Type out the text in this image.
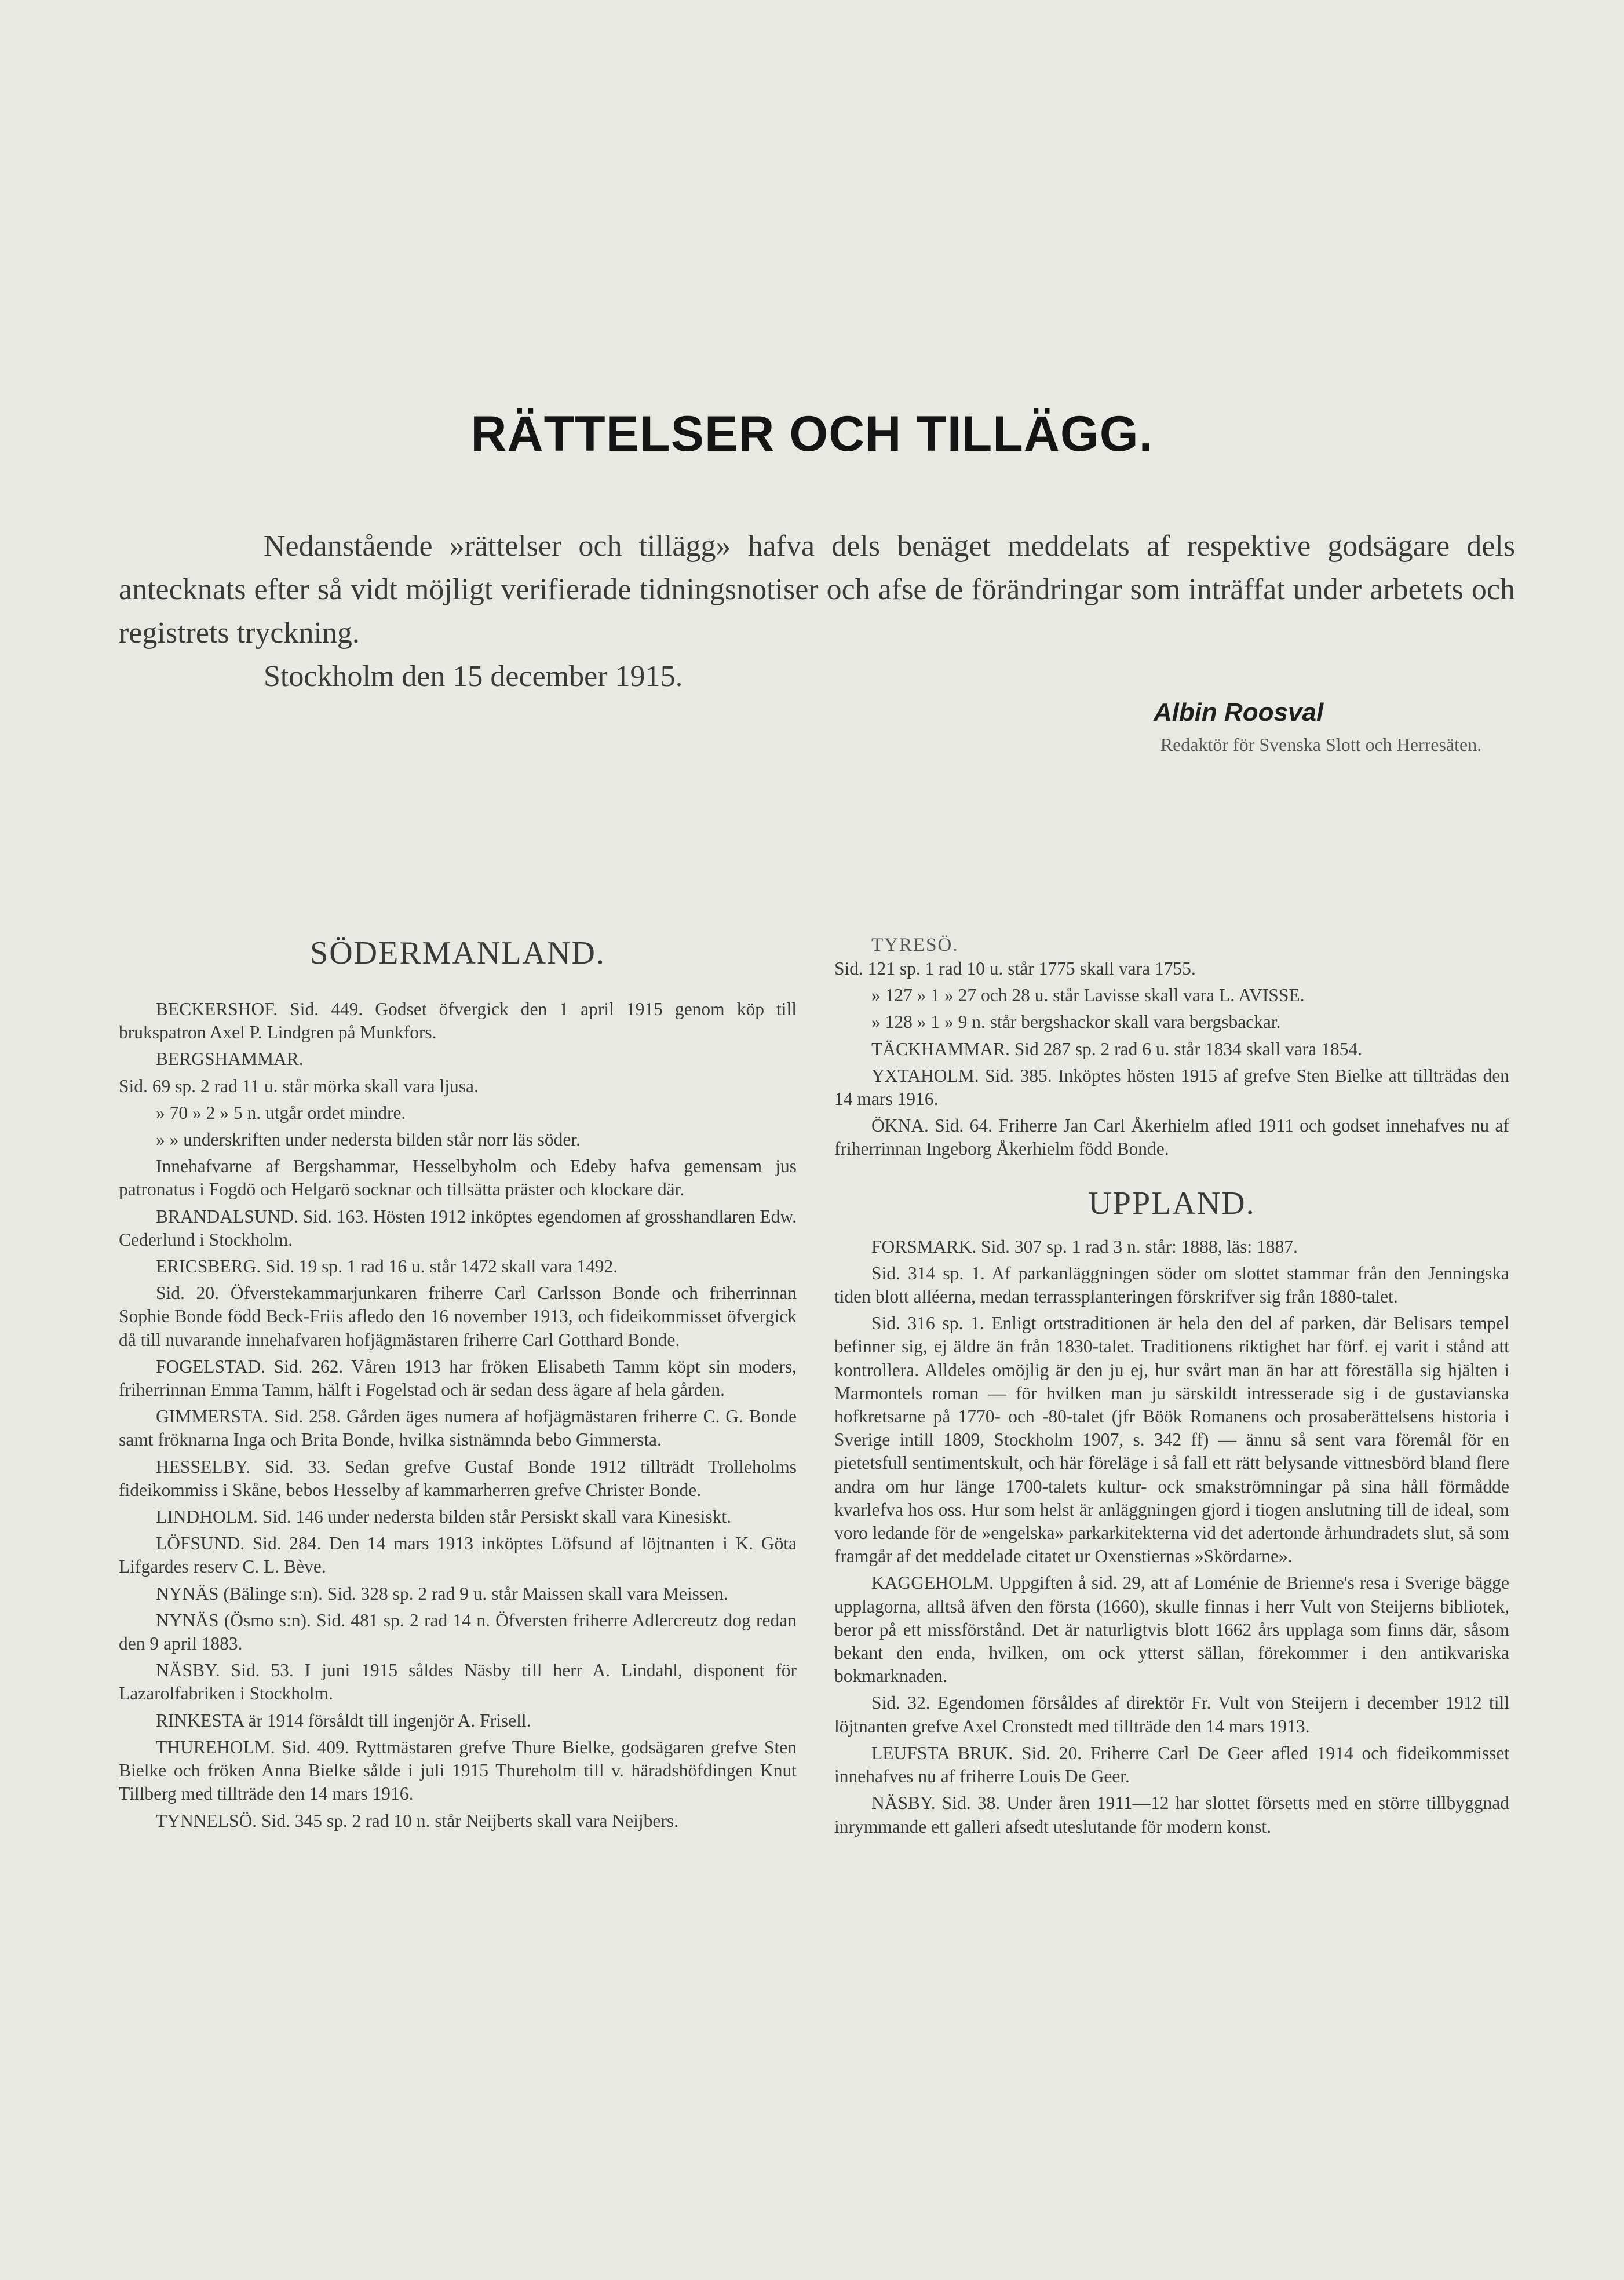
RÄTTELSER OCH TILLÄGG.

Nedanstående »rättelser och tillägg» hafva dels benäget meddelats af respektive godsägare dels antecknats efter så vidt möjligt verifierade tidningsnotiser och afse de förändringar som inträffat under arbetets och registrets tryckning.

Stockholm den 15 december 1915.

Albin Roosval
Redaktör för Svenska Slott och Herresäten.
SÖDERMANLAND.

BECKERSHOF. Sid. 449. Godset öfvergick den 1 april 1915 genom köp till brukspatron Axel P. Lindgren på Munkfors.

BERGSHAMMAR.

Sid. 69 sp. 2 rad 11 u. står mörka skall vara ljusa.

» 70 » 2 » 5 n. utgår ordet mindre.

» » underskriften under nedersta bilden står norr läs söder.

Innehafvarne af Bergshammar, Hesselbyholm och Edeby hafva gemensam jus patronatus i Fogdö och Helgarö socknar och tillsätta präster och klockare där.

BRANDALSUND. Sid. 163. Hösten 1912 inköptes egendomen af grosshandlaren Edw. Cederlund i Stockholm.

ERICSBERG. Sid. 19 sp. 1 rad 16 u. står 1472 skall vara 1492.

Sid. 20. Öfverstekammarjunkaren friherre Carl Carlsson Bonde och friherrinnan Sophie Bonde född Beck-Friis afledo den 16 november 1913, och fideikommisset öfvergick då till nuvarande innehafvaren hofjägmästaren friherre Carl Gotthard Bonde.

FOGELSTAD. Sid. 262. Våren 1913 har fröken Elisabeth Tamm köpt sin moders, friherrinnan Emma Tamm, hälft i Fogelstad och är sedan dess ägare af hela gården.

GIMMERSTA. Sid. 258. Gården äges numera af hofjägmästaren friherre C. G. Bonde samt fröknarna Inga och Brita Bonde, hvilka sistnämnda bebo Gimmersta.

HESSELBY. Sid. 33. Sedan grefve Gustaf Bonde 1912 tillträdt Trolleholms fideikommiss i Skåne, bebos Hesselby af kammarherren grefve Christer Bonde.

LINDHOLM. Sid. 146 under nedersta bilden står Persiskt skall vara Kinesiskt.

LÖFSUND. Sid. 284. Den 14 mars 1913 inköptes Löfsund af löjtnanten i K. Göta Lifgardes reserv C. L. Bève.

NYNÄS (Bälinge s:n). Sid. 328 sp. 2 rad 9 u. står Maissen skall vara Meissen.

NYNÄS (Ösmo s:n). Sid. 481 sp. 2 rad 14 n. Öfversten friherre Adlercreutz dog redan den 9 april 1883.

NÄSBY. Sid. 53. I juni 1915 såldes Näsby till herr A. Lindahl, disponent för Lazarolfabriken i Stockholm.

RINKESTA är 1914 försåldt till ingenjör A. Frisell.

THUREHOLM. Sid. 409. Ryttmästaren grefve Thure Bielke, godsägaren grefve Sten Bielke och fröken Anna Bielke sålde i juli 1915 Thureholm till v. häradshöfdingen Knut Tillberg med tillträde den 14 mars 1916.

TYNNELSÖ. Sid. 345 sp. 2 rad 10 n. står Neijberts skall vara Neijbers.

TYRESÖ.

Sid. 121 sp. 1 rad 10 u. står 1775 skall vara 1755.

» 127 » 1 » 27 och 28 u. står Lavisse skall vara L. AVISSE.

» 128 » 1 » 9 n. står bergshackor skall vara bergsbackar.

TÄCKHAMMAR. Sid 287 sp. 2 rad 6 u. står 1834 skall vara 1854.

YXTAHOLM. Sid. 385. Inköptes hösten 1915 af grefve Sten Bielke att tillträdas den 14 mars 1916.

ÖKNA. Sid. 64. Friherre Jan Carl Åkerhielm afled 1911 och godset innehafves nu af friherrinnan Ingeborg Åkerhielm född Bonde.

UPPLAND.

FORSMARK. Sid. 307 sp. 1 rad 3 n. står: 1888, läs: 1887.

Sid. 314 sp. 1. Af parkanläggningen söder om slottet stammar från den Jenningska tiden blott alléerna, medan terrassplanteringen förskrifver sig från 1880-talet.

Sid. 316 sp. 1. Enligt ortstraditionen är hela den del af parken, där Belisars tempel befinner sig, ej äldre än från 1830-talet. Traditionens riktighet har förf. ej varit i stånd att kontrollera. Alldeles omöjlig är den ju ej, hur svårt man än har att föreställa sig hjälten i Marmontels roman — för hvilken man ju särskildt intresserade sig i de gustavianska hofkretsarne på 1770- och -80-talet (jfr Böök Romanens och prosaberättelsens historia i Sverige intill 1809, Stockholm 1907, s. 342 ff) — ännu så sent vara föremål för en pietetsfull sentimentskult, och här föreläge i så fall ett rätt belysande vittnesbörd bland flere andra om hur länge 1700-talets kultur- ock smakströmningar på sina håll förmådde kvarlefva hos oss. Hur som helst är anläggningen gjord i tiogen anslutning till de ideal, som voro ledande för de »engelska» parkarkitekterna vid det adertonde århundradets slut, så som framgår af det meddelade citatet ur Oxenstiernas »Skördarne».

KAGGEHOLM. Uppgiften å sid. 29, att af Loménie de Brienne's resa i Sverige bägge upplagorna, alltså äfven den första (1660), skulle finnas i herr Vult von Steijerns bibliotek, beror på ett missförstånd. Det är naturligtvis blott 1662 års upplaga som finns där, såsom bekant den enda, hvilken, om ock ytterst sällan, förekommer i den antikvariska bokmarknaden.

Sid. 32. Egendomen försåldes af direktör Fr. Vult von Steijern i december 1912 till löjtnanten grefve Axel Cronstedt med tillträde den 14 mars 1913.

LEUFSTA BRUK. Sid. 20. Friherre Carl De Geer afled 1914 och fideikommisset innehafves nu af friherre Louis De Geer.

NÄSBY. Sid. 38. Under åren 1911—12 har slottet försetts med en större tillbyggnad inrymmande ett galleri afsedt uteslutande för modern konst.
